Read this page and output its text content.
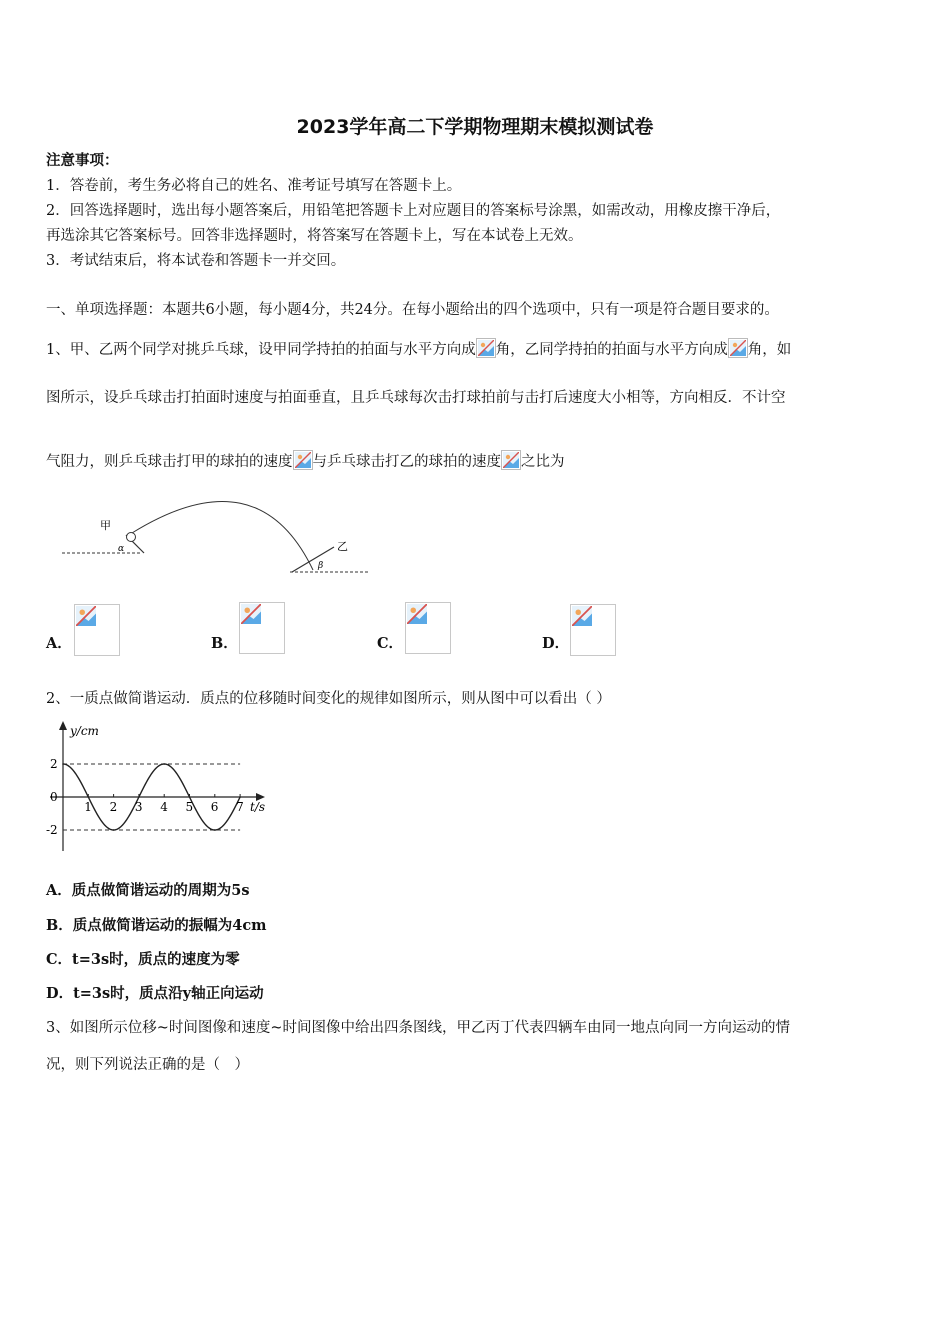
2023学年高二下学期物理期末模拟测试卷
注意事项：
1．答卷前，考生务必将自己的姓名、准考证号填写在答题卡上。
2．回答选择题时，选出每小题答案后，用铅笔把答题卡上对应题目的答案标号涂黑，如需改动，用橡皮擦干净后，
再选涂其它答案标号。回答非选择题时，将答案写在答题卡上，写在本试卷上无效。
3．考试结束后，将本试卷和答题卡一并交回。
一、单项选择题：本题共6小题，每小题4分，共24分。在每小题给出的四个选项中，只有一项是符合题目要求的。
1、甲、乙两个同学对挑乒乓球，设甲同学持拍的拍面与水平方向成 角，乙同学持拍的拍面与水平方向成 角，如
图所示，设乒乓球击打拍面时速度与拍面垂直，且乒乓球每次击打球拍前与击打后速度大小相等，方向相反．不计空
气阻力，则乒乓球击打甲的球拍的速度 与乒乓球击打乙的球拍的速度 之比为
甲
乙
α
β
A．	B．	C．	D．
2、一质点做简谐运动．质点的位移随时间变化的规律如图所示，则从图中可以看出（ ）
y/cm
t/s
1 2 3 4 5 6 7
2
0
-2
A．质点做简谐运动的周期为5s
B．质点做简谐运动的振幅为4cm
C．t=3s时，质点的速度为零
D．t=3s时，质点沿y轴正向运动
3、如图所示位移~时间图像和速度~时间图像中给出四条图线，甲乙丙丁代表四辆车由同一地点向同一方向运动的情
况，则下列说法正确的是（　）
